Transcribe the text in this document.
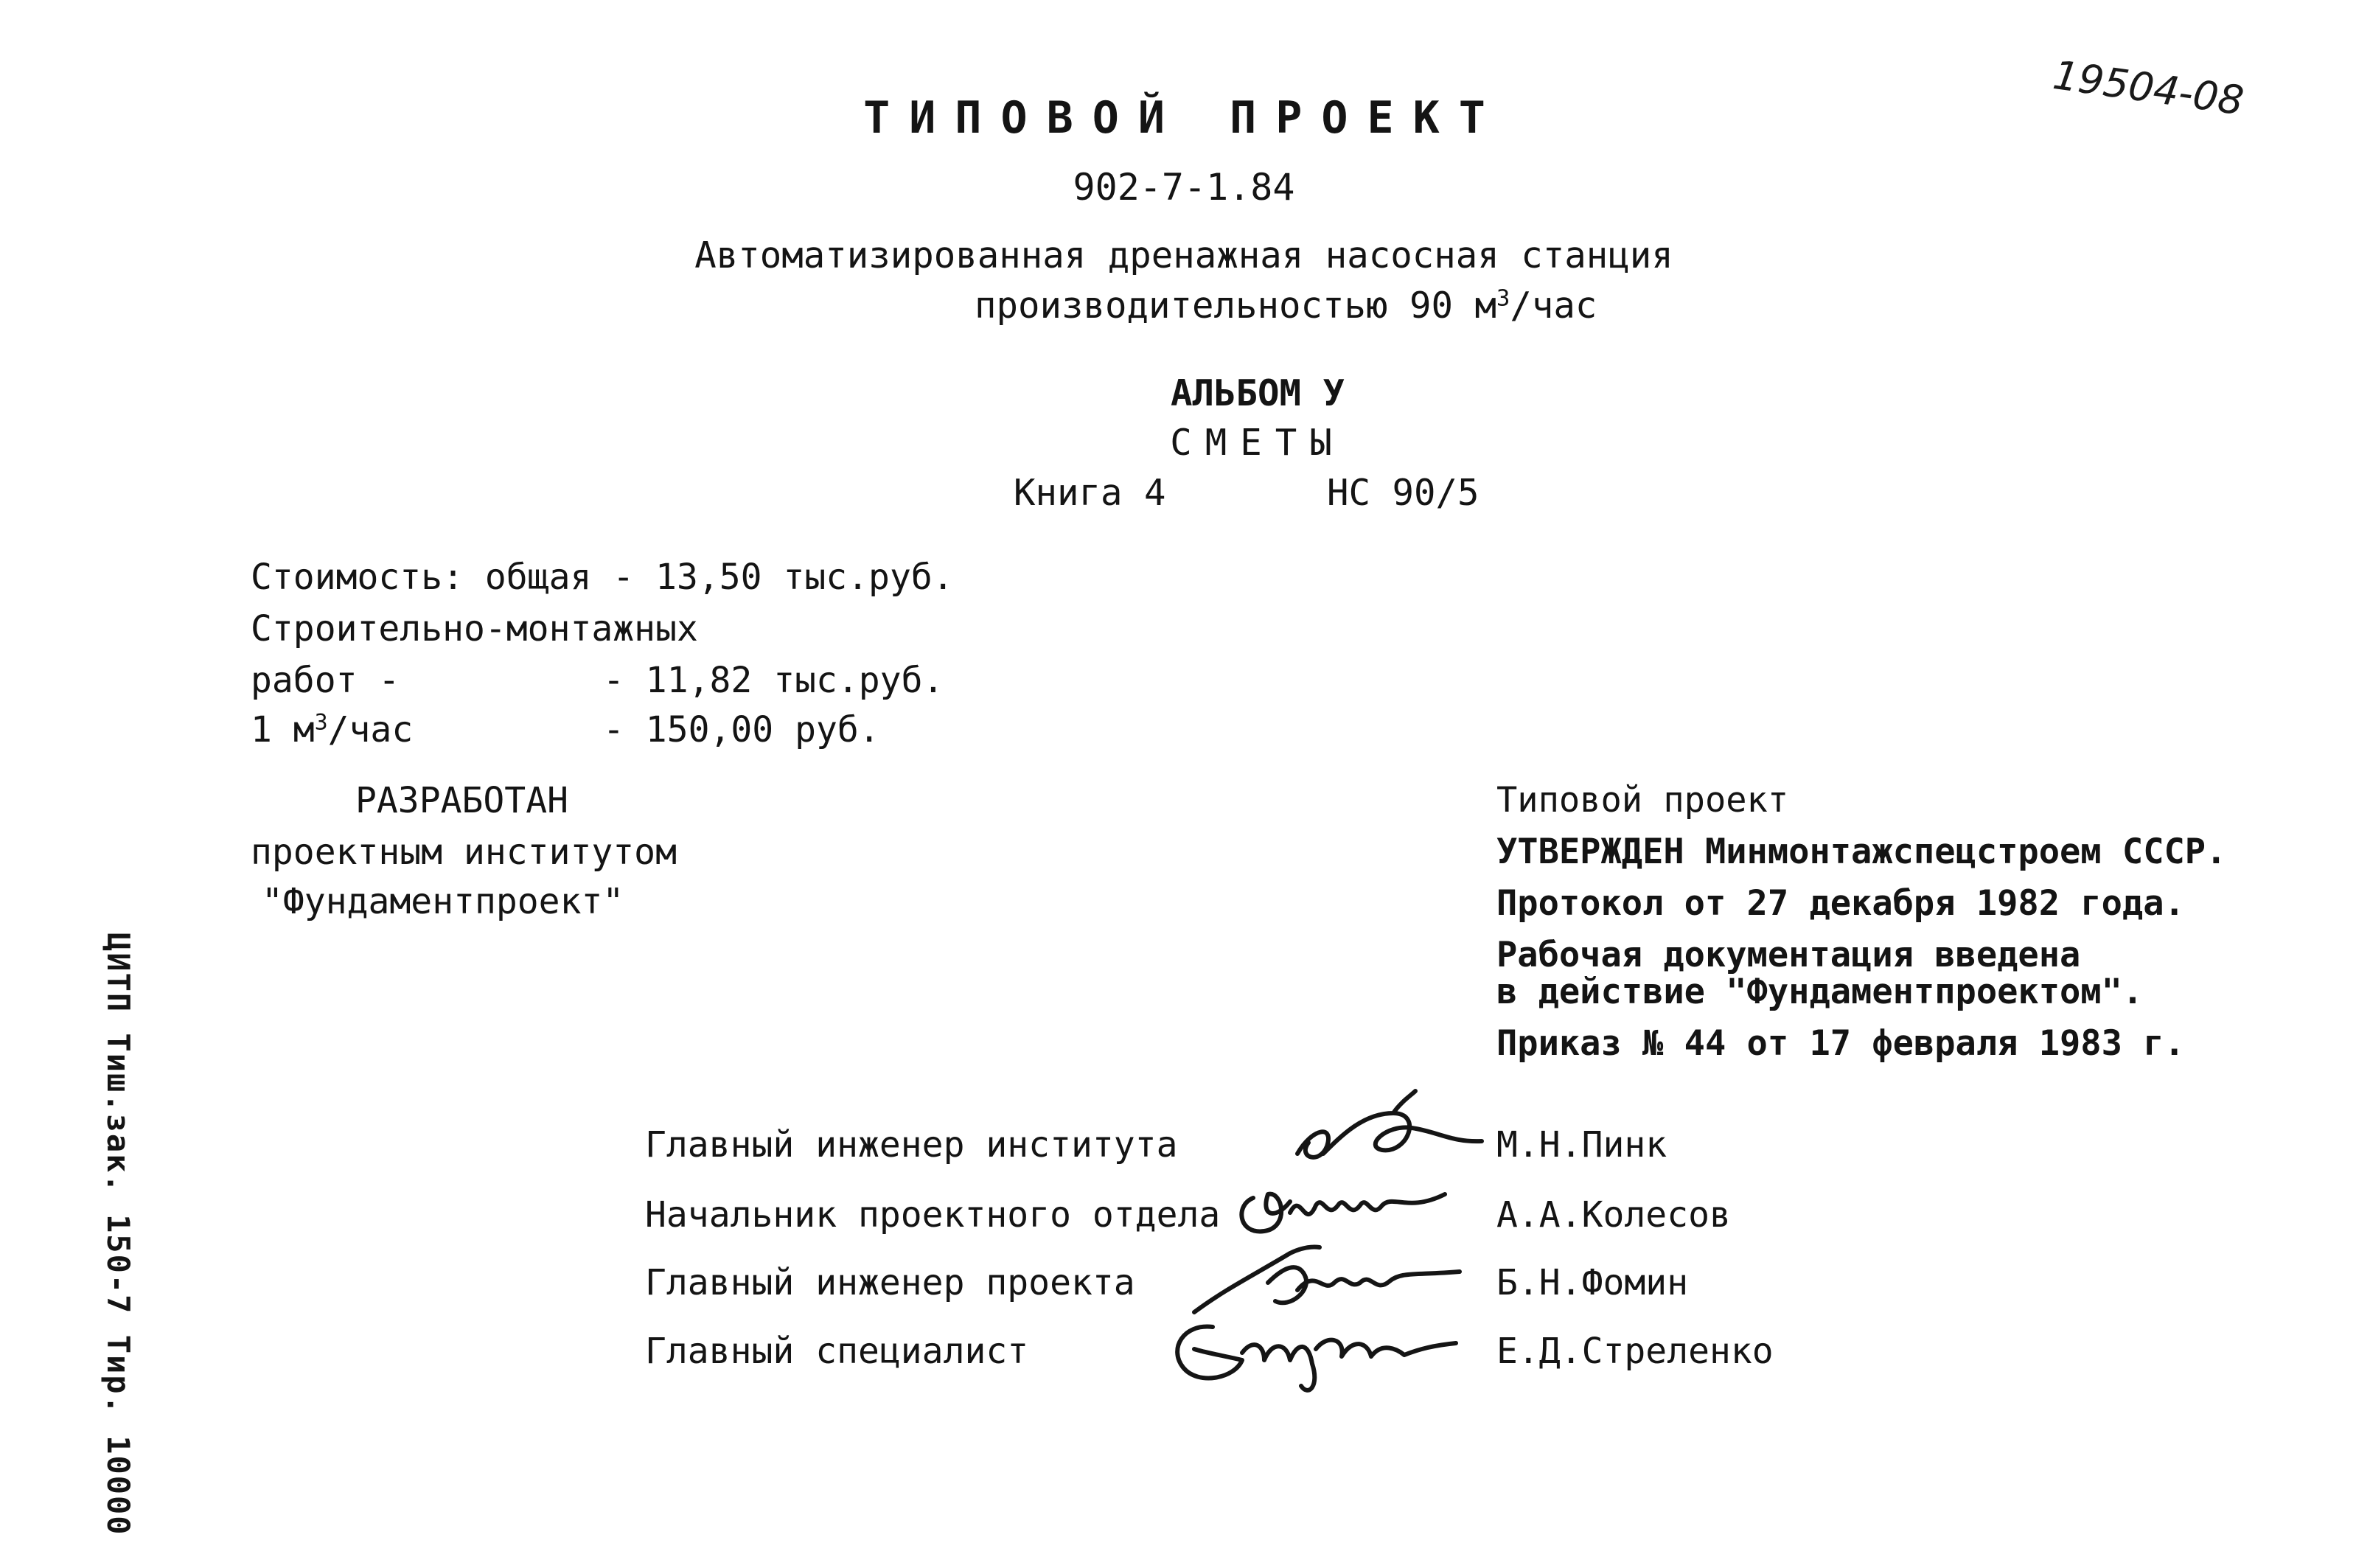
19504-08
ЦИТП Тиш.зак. 150-7 Тир. 10000
ТИПОВОЙ ПРОЕКТ
902-7-1.84
Автоматизированная дренажная насосная станция
производительностью 90 $м^3$/час
АЛЬБОМ У
СМЕТЫ
Книга 4	НС 90/5
Стоимость: общая - 13,50 тыс.руб.
Строительно-монтажных
работ -	- 11,82 тыс.руб.
1 $м^3$/час	- 150,00 руб.
РАЗРАБОТАН
проектным институтом
"Фундаментпроект"
Типовой проект
УТВЕРЖДЕН Минмонтажспецстроем СССР.
Протокол от 27 декабря 1982 года.
Рабочая документация введена
в действие "Фундаментпроектом".
Приказ № 44 от 17 февраля 1983 г.
Главный инженер института	М.Н.Пинк
Начальник проектного отдела	А.А.Колесов
Главный инженер проекта	Б.Н.Фомин
Главный специалист	Е.Д.Стреленко
